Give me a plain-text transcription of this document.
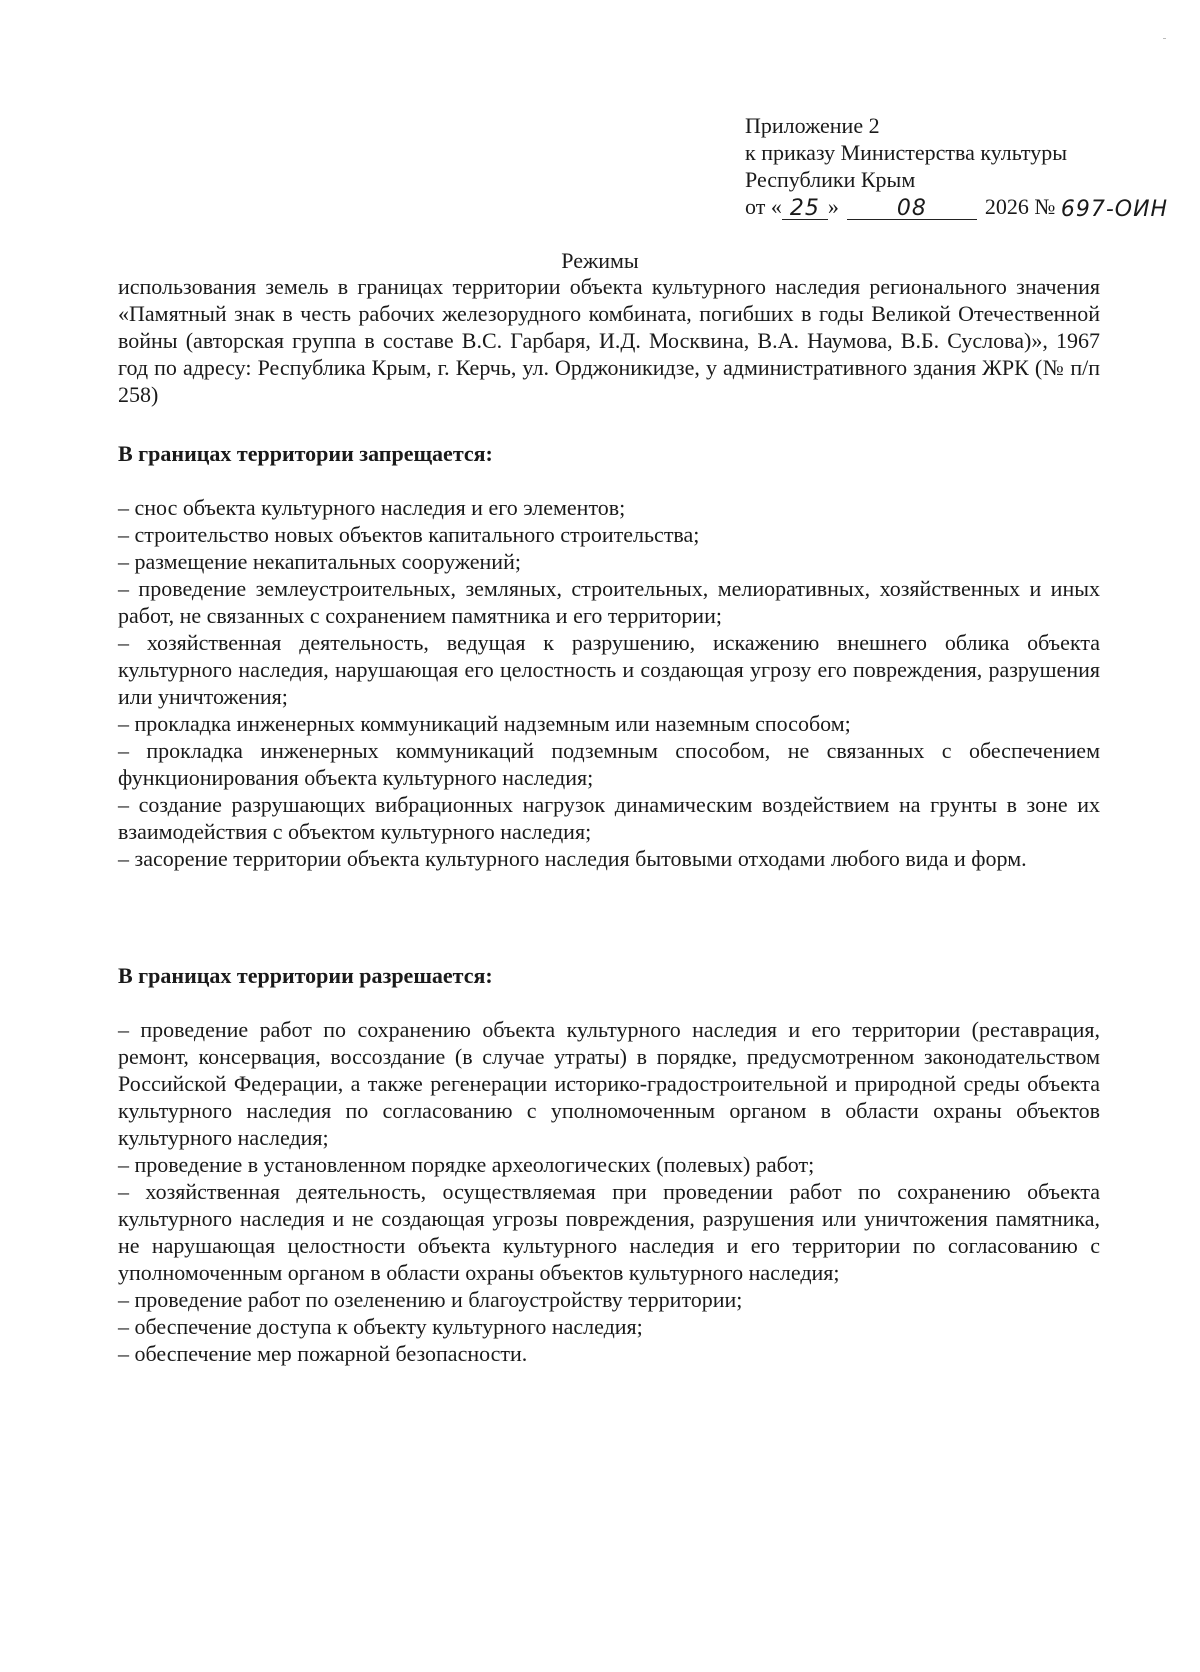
Приложение 2
к приказу Министерства культуры
Республики Крым
от « 25 »	08	2026 № 697-ОИН
Режимы
использования земель в границах территории объекта культурного наследия регионального значения «Памятный знак в честь рабочих железорудного комбината, погибших в годы Великой Отечественной войны (авторская группа в составе В.С. Гарбаря, И.Д. Москвина, В.А. Наумова, В.Б. Суслова)», 1967 год по адресу: Республика Крым, г. Керчь, ул. Орджоникидзе, у административного здания ЖРК (№ п/п 258)
В границах территории запрещается:
– снос объекта культурного наследия и его элементов;
– строительство новых объектов капитального строительства;
– размещение некапитальных сооружений;
– проведение землеустроительных, земляных, строительных, мелиоративных, хозяйственных и иных работ, не связанных с сохранением памятника и его территории;
– хозяйственная деятельность, ведущая к разрушению, искажению внешнего облика объекта культурного наследия, нарушающая его целостность и создающая угрозу его повреждения, разрушения или уничтожения;
– прокладка инженерных коммуникаций надземным или наземным способом;
– прокладка инженерных коммуникаций подземным способом, не связанных с обеспечением функционирования объекта культурного наследия;
– создание разрушающих вибрационных нагрузок динамическим воздействием на грунты в зоне их взаимодействия с объектом культурного наследия;
– засорение территории объекта культурного наследия бытовыми отходами любого вида и форм.
В границах территории разрешается:
– проведение работ по сохранению объекта культурного наследия и его территории (реставрация, ремонт, консервация, воссоздание (в случае утраты) в порядке, предусмотренном законодательством Российской Федерации, а также регенерации историко-градостроительной и природной среды объекта культурного наследия по согласованию с уполномоченным органом в области охраны объектов культурного наследия;
– проведение в установленном порядке археологических (полевых) работ;
– хозяйственная деятельность, осуществляемая при проведении работ по сохранению объекта культурного наследия и не создающая угрозы повреждения, разрушения или уничтожения памятника, не нарушающая целостности объекта культурного наследия и его территории по согласованию с уполномоченным органом в области охраны объектов культурного наследия;
– проведение работ по озеленению и благоустройству территории;
– обеспечение доступа к объекту культурного наследия;
– обеспечение мер пожарной безопасности.
